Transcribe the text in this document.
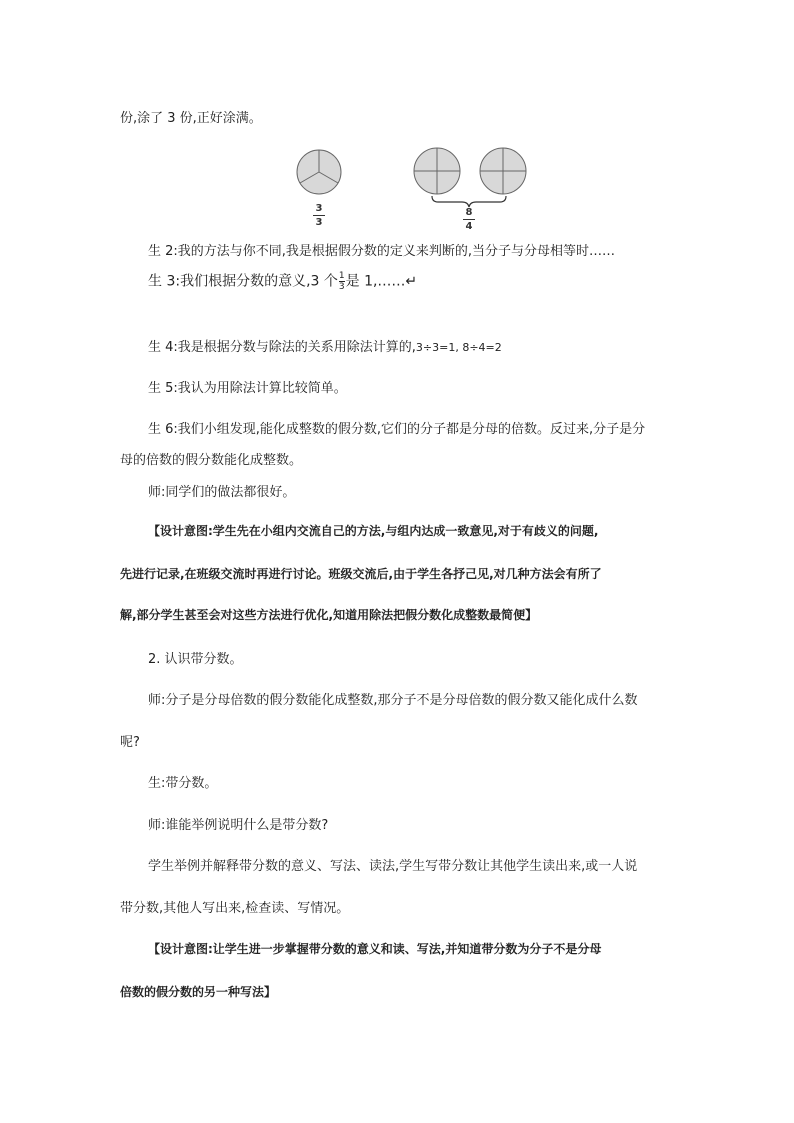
份,涂了 3 份,正好涂满。
3
3
8
4
生 2:我的方法与你不同,我是根据假分数的定义来判断的,当分子与分母相等时……
生 3:我们根据分数的意义,3 个 $\frac{1}{3}$ 是 1,……↵
生 4:我是根据分数与除法的关系用除法计算的,3÷3=1, 8÷4=2
生 5:我认为用除法计算比较简单。
生 6:我们小组发现,能化成整数的假分数,它们的分子都是分母的倍数。反过来,分子是分
母的倍数的假分数能化成整数。
师:同学们的做法都很好。
【设计意图:学生先在小组内交流自己的方法,与组内达成一致意见,对于有歧义的问题,
先进行记录,在班级交流时再进行讨论。班级交流后,由于学生各抒己见,对几种方法会有所了
解,部分学生甚至会对这些方法进行优化,知道用除法把假分数化成整数最简便】
2. 认识带分数。
师:分子是分母倍数的假分数能化成整数,那分子不是分母倍数的假分数又能化成什么数
呢?
生:带分数。
师:谁能举例说明什么是带分数?
学生举例并解释带分数的意义、写法、读法,学生写带分数让其他学生读出来,或一人说
带分数,其他人写出来,检查读、写情况。
【设计意图:让学生进一步掌握带分数的意义和读、写法,并知道带分数为分子不是分母
倍数的假分数的另一种写法】
